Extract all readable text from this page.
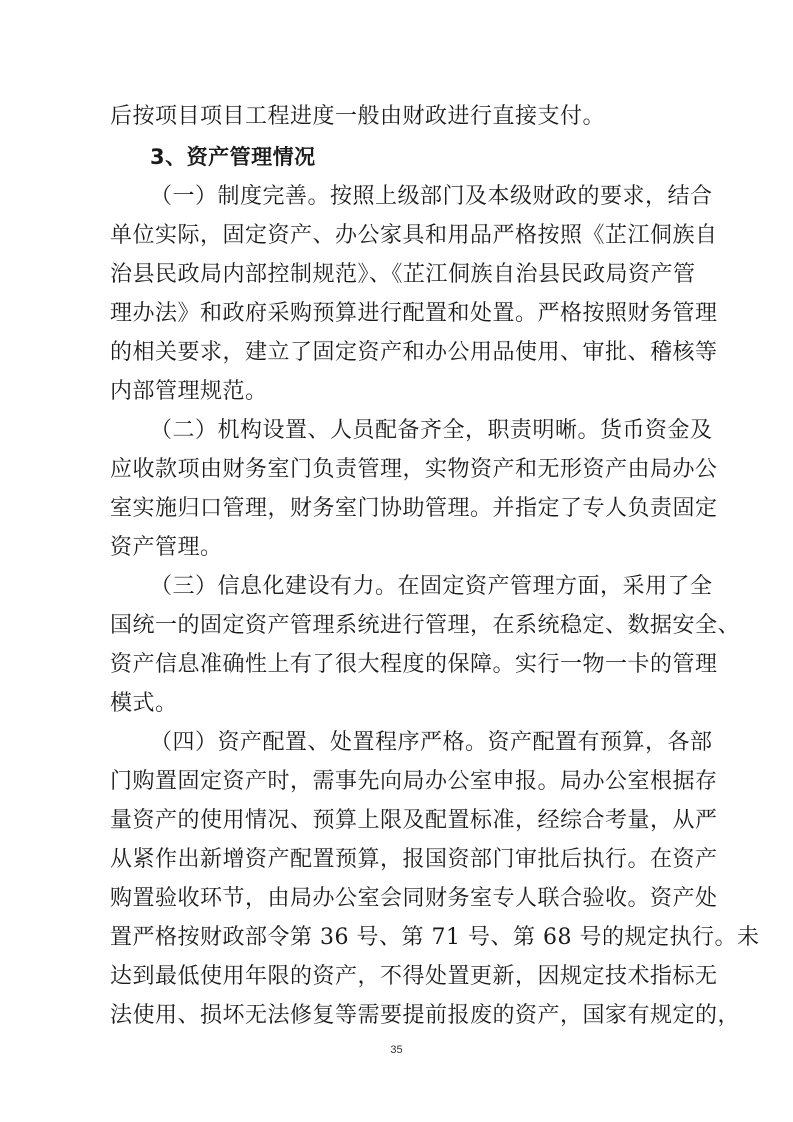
后按项目项目工程进度一般由财政进行直接支付。
3、资产管理情况
（一）制度完善。按照上级部门及本级财政的要求，结合
单位实际，固定资产、办公家具和用品严格按照《芷江侗族自
治县民政局内部控制规范》、《芷江侗族自治县民政局资产管
理办法》和政府采购预算进行配置和处置。严格按照财务管理
的相关要求，建立了固定资产和办公用品使用、审批、稽核等
内部管理规范。
（二）机构设置、人员配备齐全，职责明晰。货币资金及
应收款项由财务室门负责管理，实物资产和无形资产由局办公
室实施归口管理，财务室门协助管理。并指定了专人负责固定
资产管理。
（三）信息化建设有力。在固定资产管理方面，采用了全
国统一的固定资产管理系统进行管理，在系统稳定、数据安全、
资产信息准确性上有了很大程度的保障。实行一物一卡的管理
模式。
（四）资产配置、处置程序严格。资产配置有预算，各部
门购置固定资产时，需事先向局办公室申报。局办公室根据存
量资产的使用情况、预算上限及配置标准，经综合考量，从严
从紧作出新增资产配置预算，报国资部门审批后执行。在资产
购置验收环节，由局办公室会同财务室专人联合验收。资产处
置严格按财政部令第 36 号、第 71 号、第 68 号的规定执行。未
达到最低使用年限的资产，不得处置更新，因规定技术指标无
法使用、损坏无法修复等需要提前报废的资产，国家有规定的，
35
